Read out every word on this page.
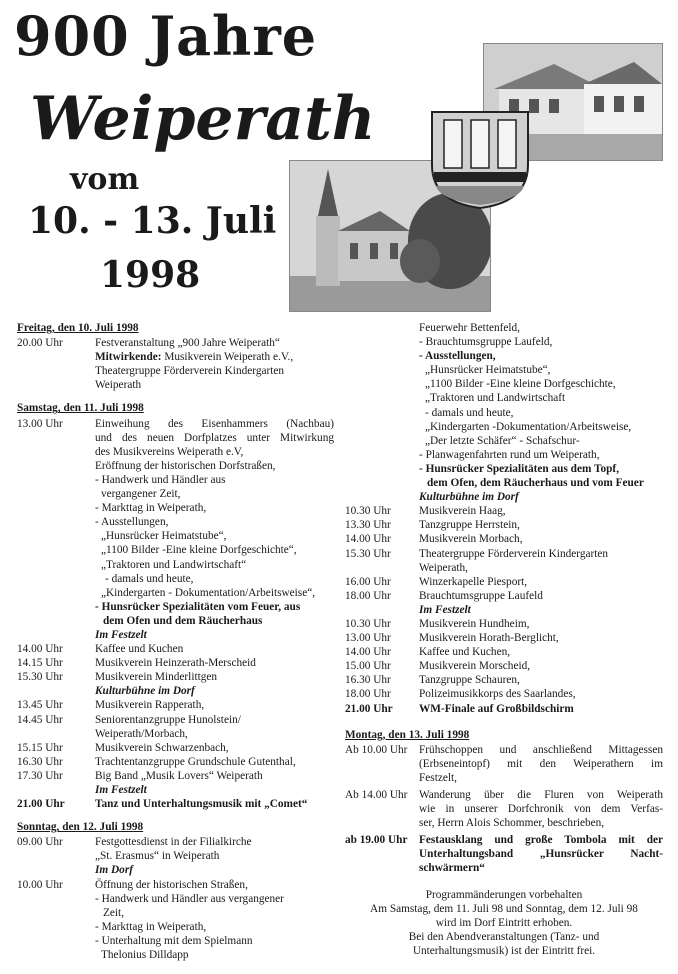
900 Jahre
Weiperath
vom
10. - 13. Juli
1998

Freitag, den 10. Juli 1998

20.00 Uhr	Festveranstaltung „900 Jahre Weiperath“
Mitwirkende: Musikverein Weiperath e.V.,
Theatergruppe Förderverein Kindergarten
Weiperath

Samstag, den 11. Juli 1998

13.00 Uhr	Einweihung des Eisenhammers (Nachbau)
und des neuen Dorfplatzes unter Mitwirkung
des Musikvereins Weiperath e.V,
Eröffnung der historischen Dorfstraßen,
- Handwerk und Händler aus
vergangener Zeit,
- Markttag in Weiperath,
- Ausstellungen,
„Hunsrücker Heimatstube“,
„1100 Bilder -Eine kleine Dorfgeschichte“,
„Traktoren und Landwirtschaft“
- damals und heute,
„Kindergarten - Dokumentation/Arbeitsweise“,
- Hunsrücker Spezialitäten vom Feuer, aus
dem Ofen und dem Räucherhaus
Im Festzelt
14.00 Uhr	Kaffee und Kuchen
14.15 Uhr	Musikverein Heinzerath-Merscheid
15.30 Uhr	Musikverein Minderlittgen
Kulturbühne im Dorf
13.45 Uhr	Musikverein Rapperath,
14.45 Uhr	Seniorentanzgruppe Hunolstein/
Weiperath/Morbach,
15.15 Uhr	Musikverein Schwarzenbach,
16.30 Uhr	Trachtentanzgruppe Grundschule Gutenthal,
17.30 Uhr	Big Band „Musik Lovers“ Weiperath
Im Festzelt
21.00 Uhr	Tanz und Unterhaltungsmusik mit „Comet“

Sonntag, den 12. Juli 1998

09.00 Uhr	Festgottesdienst in der Filialkirche
„St. Erasmus“ in Weiperath
Im Dorf
10.00 Uhr	Öffnung der historischen Straßen,
- Handwerk und Händler aus vergangener
Zeit,
- Markttag in Weiperath,
- Unterhaltung mit dem Spielmann
Thelonius Dilldapp
Feuerwehr Bettenfeld,
- Brauchtumsgruppe Laufeld,
- Ausstellungen,
„Hunsrücker Heimatstube“,
„1100 Bilder -Eine kleine Dorfgeschichte,
„Traktoren und Landwirtschaft
- damals und heute,
„Kindergarten -Dokumentation/Arbeitsweise,
„Der letzte Schäfer“ - Schafschur-
- Planwagenfahrten rund um Weiperath,
- Hunsrücker Spezialitäten aus dem Topf,
dem Ofen, dem Räucherhaus und vom Feuer
Kulturbühne im Dorf
10.30 Uhr	Musikverein Haag,
13.30 Uhr	Tanzgruppe Herrstein,
14.00 Uhr	Musikverein Morbach,
15.30 Uhr	Theatergruppe Förderverein Kindergarten
Weiperath,
16.00 Uhr	Winzerkapelle Piesport,
18.00 Uhr	Brauchtumsgruppe Laufeld
Im Festzelt
10.30 Uhr	Musikverein Hundheim,
13.00 Uhr	Musikverein Horath-Berglicht,
14.00 Uhr	Kaffee und Kuchen,
15.00 Uhr	Musikverein Morscheid,
16.30 Uhr	Tanzgruppe Schauren,
18.00 Uhr	Polizeimusikkorps des Saarlandes,
21.00 Uhr	WM-Finale auf Großbildschirm

Montag, den 13. Juli 1998

Ab 10.00 Uhr	Frühschoppen und anschließend Mittagessen
(Erbseneintopf) mit den Weiperathern im
Festzelt,
Ab 14.00 Uhr	Wanderung über die Fluren von Weiperath
wie in unserer Dorfchronik von dem Verfas-
ser, Herrn Alois Schommer, beschrieben,
ab 19.00 Uhr	Festausklang und große Tombola mit der
Unterhaltungsband „Hunsrücker Nacht-
schwärmern“

Programmänderungen vorbehalten

Am Samstag, dem 11. Juli 98 und Sonntag, dem 12. Juli 98

wird im Dorf Eintritt erhoben.

Bei den Abendveranstaltungen (Tanz- und

Unterhaltungsmusik) ist der Eintritt frei.
